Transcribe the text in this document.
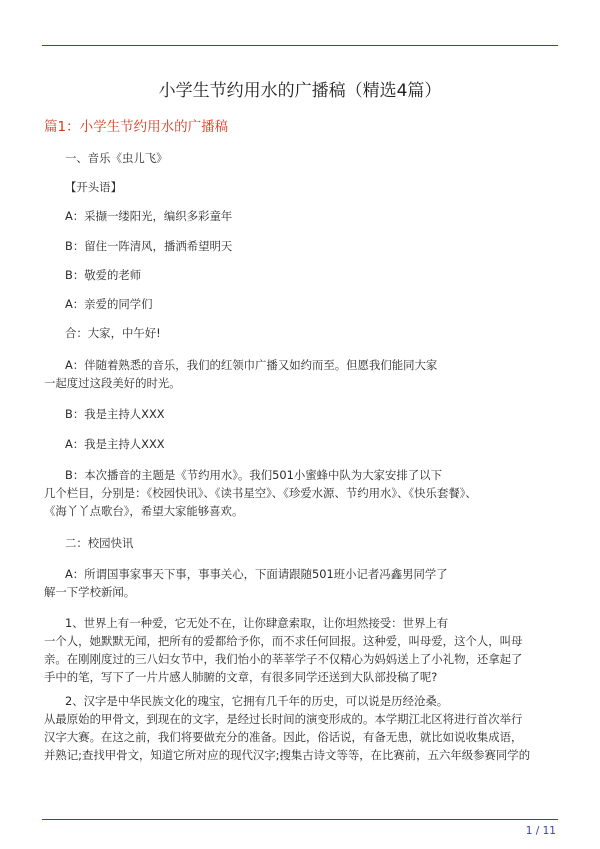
小学生节约用水的广播稿（精选4篇）
篇1：小学生节约用水的广播稿
一、音乐《虫儿飞》
【开头语】
A：采撷一缕阳光，编织多彩童年
B：留住一阵清风，播洒希望明天
B：敬爱的老师
A：亲爱的同学们
合：大家，中午好!
A：伴随着熟悉的音乐，我们的红领巾广播又如约而至。但愿我们能同大家
一起度过这段美好的时光。
B：我是主持人XXX
A：我是主持人XXX
B：本次播音的主题是《节约用水》。我们501小蜜蜂中队为大家安排了以下
几个栏目，分别是：《校园快讯》、《读书星空》、《珍爱水源、节约用水》、《快乐套餐》、
《海丫丫点歌台》，希望大家能够喜欢。
二：校园快讯
A：所谓国事家事天下事，事事关心，下面请跟随501班小记者冯鑫男同学了
解一下学校新闻。
1、世界上有一种爱，它无处不在，让你肆意索取，让你坦然接受：世界上有
一个人，她默默无闻，把所有的爱都给予你，而不求任何回报。这种爱，叫母爱，这个人，叫母
亲。在刚刚度过的三八妇女节中，我们怡小的莘莘学子不仅精心为妈妈送上了小礼物，还拿起了
手中的笔，写下了一片片感人肺腑的文章，有很多同学还送到大队部投稿了呢?
2、汉字是中华民族文化的瑰宝，它拥有几千年的历史，可以说是历经沧桑。
从最原始的甲骨文，到现在的文字，是经过长时间的演变形成的。本学期江北区将进行首次举行
汉字大赛。在这之前，我们将要做充分的准备。因此，俗话说，有备无患，就比如说收集成语，
并熟记;查找甲骨文，知道它所对应的现代汉字;搜集古诗文等等，在比赛前，五六年级参赛同学的
1 / 11
